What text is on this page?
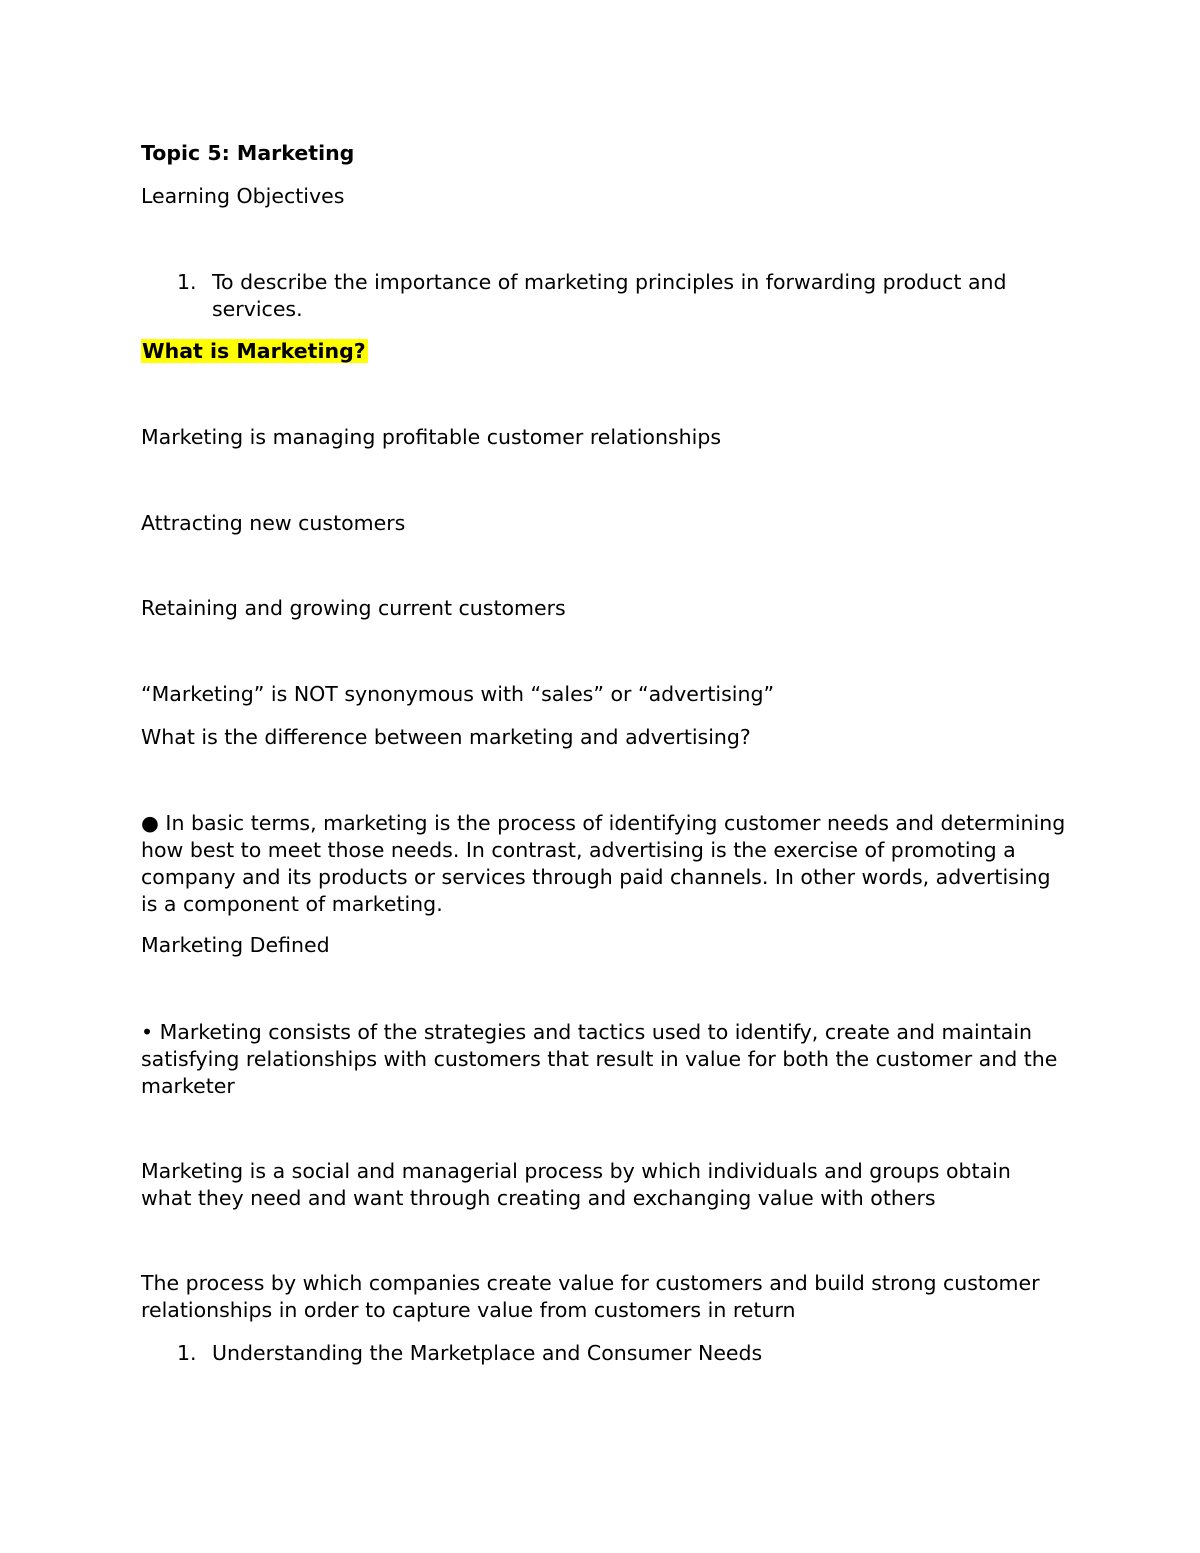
Topic 5: Marketing

Learning Objectives

1. To describe the importance of marketing principles in forwarding product and services.

What is Marketing?

Marketing is managing profitable customer relationships

Attracting new customers

Retaining and growing current customers

“Marketing” is NOT synonymous with “sales” or “advertising”

What is the difference between marketing and advertising?

● In basic terms, marketing is the process of identifying customer needs and determining how best to meet those needs. In contrast, advertising is the exercise of promoting a company and its products or services through paid channels. In other words, advertising is a component of marketing.

Marketing Defined

• Marketing consists of the strategies and tactics used to identify, create and maintain satisfying relationships with customers that result in value for both the customer and the marketer

Marketing is a social and managerial process by which individuals and groups obtain what they need and want through creating and exchanging value with others

The process by which companies create value for customers and build strong customer relationships in order to capture value from customers in return

1. Understanding the Marketplace and Consumer Needs
